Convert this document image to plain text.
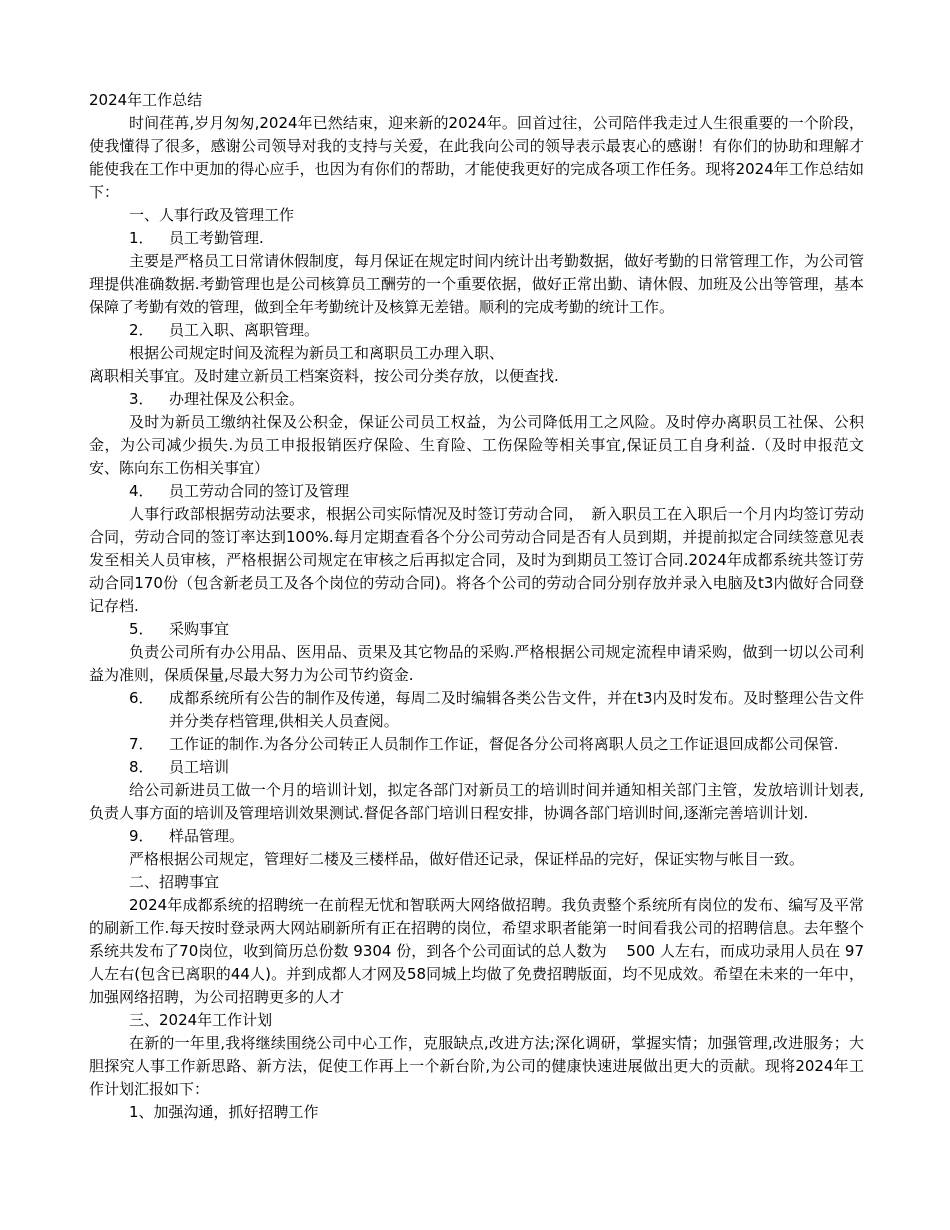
2024年工作总结

时间荏苒,岁月匆匆,2024年已然结束，迎来新的2024年。回首过往，公司陪伴我走过人生很重要的一个阶段，使我懂得了很多，感谢公司领导对我的支持与关爱，在此我向公司的领导表示最衷心的感谢！有你们的协助和理解才能使我在工作中更加的得心应手，也因为有你们的帮助，才能使我更好的完成各项工作任务。现将2024年工作总结如下：

一、人事行政及管理工作

1． 员工考勤管理.

主要是严格员工日常请休假制度，每月保证在规定时间内统计出考勤数据，做好考勤的日常管理工作，为公司管理提供准确数据.考勤管理也是公司核算员工酬劳的一个重要依据，做好正常出勤、请休假、加班及公出等管理，基本保障了考勤有效的管理，做到全年考勤统计及核算无差错。顺利的完成考勤的统计工作。

2． 员工入职、离职管理。

根据公司规定时间及流程为新员工和离职员工办理入职、

离职相关事宜。及时建立新员工档案资料，按公司分类存放，以便查找.

3． 办理社保及公积金。

及时为新员工缴纳社保及公积金，保证公司员工权益，为公司降低用工之风险。及时停办离职员工社保、公积金，为公司减少损失.为员工申报报销医疗保险、生育险、工伤保险等相关事宜,保证员工自身利益.（及时申报范文安、陈向东工伤相关事宜）

4． 员工劳动合同的签订及管理

人事行政部根据劳动法要求，根据公司实际情况及时签订劳动合同，　新入职员工在入职后一个月内均签订劳动合同，劳动合同的签订率达到100%.每月定期查看各个分公司劳动合同是否有人员到期，并提前拟定合同续签意见表发至相关人员审核，严格根据公司规定在审核之后再拟定合同，及时为到期员工签订合同.2024年成都系统共签订劳动合同170份（包含新老员工及各个岗位的劳动合同)。将各个公司的劳动合同分别存放并录入电脑及t3内做好合同登记存档.

5． 采购事宜

负责公司所有办公用品、医用品、贡果及其它物品的采购.严格根据公司规定流程申请采购，做到一切以公司利益为准则，保质保量,尽最大努力为公司节约资金.

6．	成都系统所有公告的制作及传递，每周二及时编辑各类公告文件，并在t3内及时发布。及时整理公告文件并分类存档管理,供相关人员查阅。
7．	工作证的制作.为各分公司转正人员制作工作证，督促各分公司将离职人员之工作证退回成都公司保管.

8． 员工培训

给公司新进员工做一个月的培训计划，拟定各部门对新员工的培训时间并通知相关部门主管，发放培训计划表,负责人事方面的培训及管理培训效果测试.督促各部门培训日程安排，协调各部门培训时间,逐渐完善培训计划.

9． 样品管理。

严格根据公司规定，管理好二楼及三楼样品，做好借还记录，保证样品的完好，保证实物与帐目一致。

二、招聘事宜

2024年成都系统的招聘统一在前程无忧和智联两大网络做招聘。我负责整个系统所有岗位的发布、编写及平常的刷新工作.每天按时登录两大网站刷新所有正在招聘的岗位，希望求职者能第一时间看我公司的招聘信息。去年整个系统共发布了70岗位，收到简历总份数 9304 份，到各个公司面试的总人数为　 500 人左右，而成功录用人员在 97 人左右(包含已离职的44人)。并到成都人才网及58同城上均做了免费招聘版面，均不见成效。希望在未来的一年中，加强网络招聘，为公司招聘更多的人才

三、2024年工作计划

在新的一年里,我将继续围绕公司中心工作，克服缺点,改进方法;深化调研，掌握实情；加强管理,改进服务；大胆探究人事工作新思路、新方法，促使工作再上一个新台阶,为公司的健康快速进展做出更大的贡献。现将2024年工作计划汇报如下：

1、加强沟通，抓好招聘工作
